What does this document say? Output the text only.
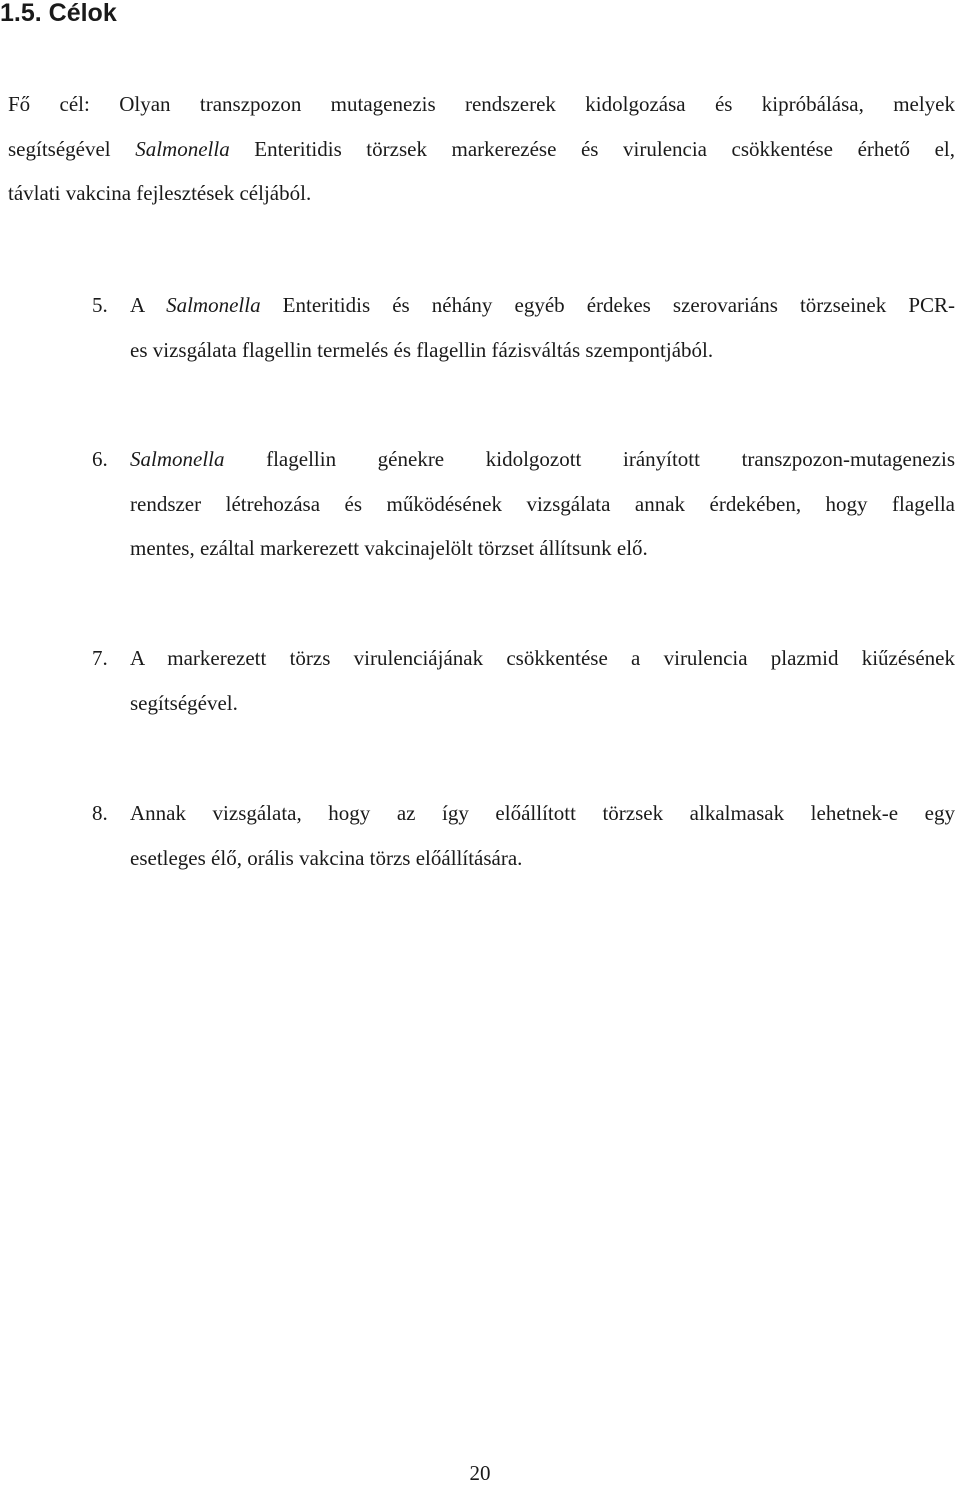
1.5. Célok
Fő cél: Olyan transzpozon mutagenezis rendszerek kidolgozása és kipróbálása, melyek
segítségével Salmonella Enteritidis törzsek markerezése és virulencia csökkentése érhető el,
távlati vakcina fejlesztések céljából.
5. A Salmonella Enteritidis és néhány egyéb érdekes szerovariáns törzseinek PCR-
es vizsgálata flagellin termelés és flagellin fázisváltás szempontjából.
6. Salmonella flagellin génekre kidolgozott irányított transzpozon-mutagenezis
rendszer létrehozása és működésének vizsgálata annak érdekében, hogy flagella
mentes, ezáltal markerezett vakcinajelölt törzset állítsunk elő.
7. A markerezett törzs virulenciájának csökkentése a virulencia plazmid kiűzésének
segítségével.
8. Annak vizsgálata, hogy az így előállított törzsek alkalmasak lehetnek-e egy
esetleges élő, orális vakcina törzs előállítására.
20
